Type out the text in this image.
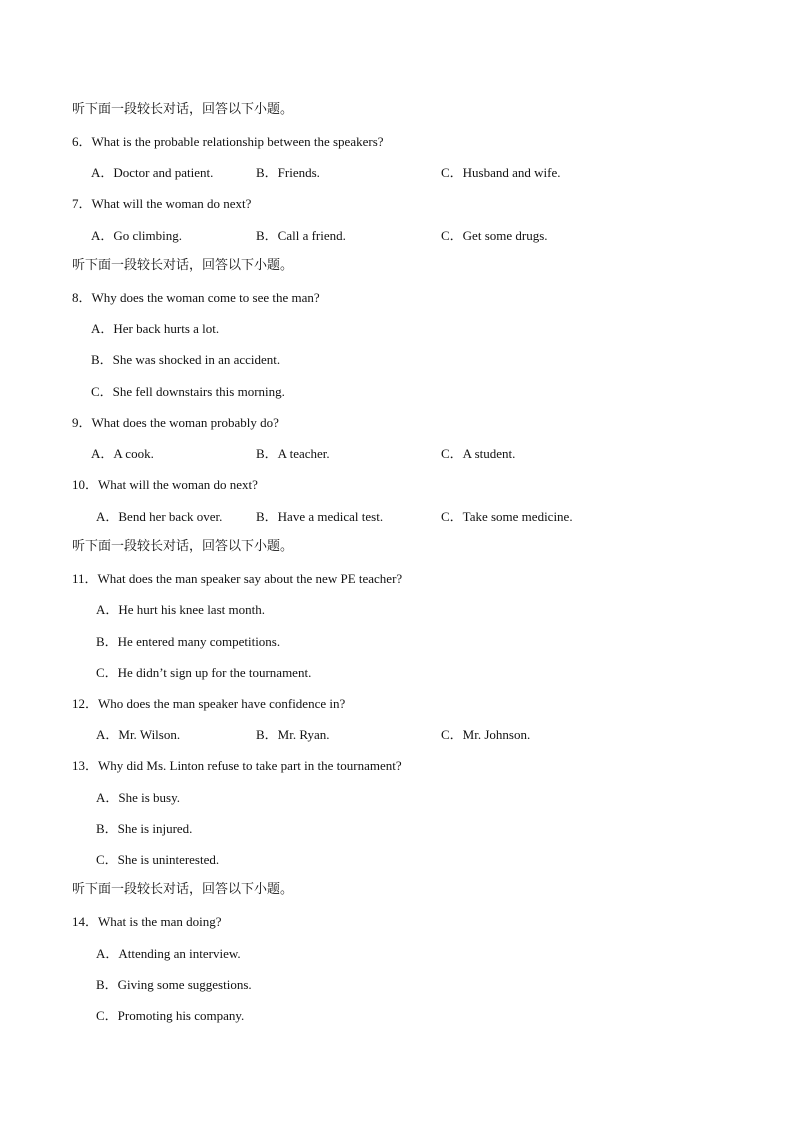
听下面一段较长对话，回答以下小题。
6．What is the probable relationship between the speakers?
A．Doctor and patient.	B．Friends.	C．Husband and wife.
7．What will the woman do next?
A．Go climbing.	B．Call a friend.	C．Get some drugs.
听下面一段较长对话，回答以下小题。
8．Why does the woman come to see the man?
A．Her back hurts a lot.
B．She was shocked in an accident.
C．She fell downstairs this morning.
9．What does the woman probably do?
A．A cook.	B．A teacher.	C．A student.
10．What will the woman do next?
A．Bend her back over.	B．Have a medical test.	C．Take some medicine.
听下面一段较长对话，回答以下小题。
11．What does the man speaker say about the new PE teacher?
A．He hurt his knee last month.
B．He entered many competitions.
C．He didn’t sign up for the tournament.
12．Who does the man speaker have confidence in?
A．Mr. Wilson.	B．Mr. Ryan.	C．Mr. Johnson.
13．Why did Ms. Linton refuse to take part in the tournament?
A．She is busy.
B．She is injured.
C．She is uninterested.
听下面一段较长对话，回答以下小题。
14．What is the man doing?
A．Attending an interview.
B．Giving some suggestions.
C．Promoting his company.
